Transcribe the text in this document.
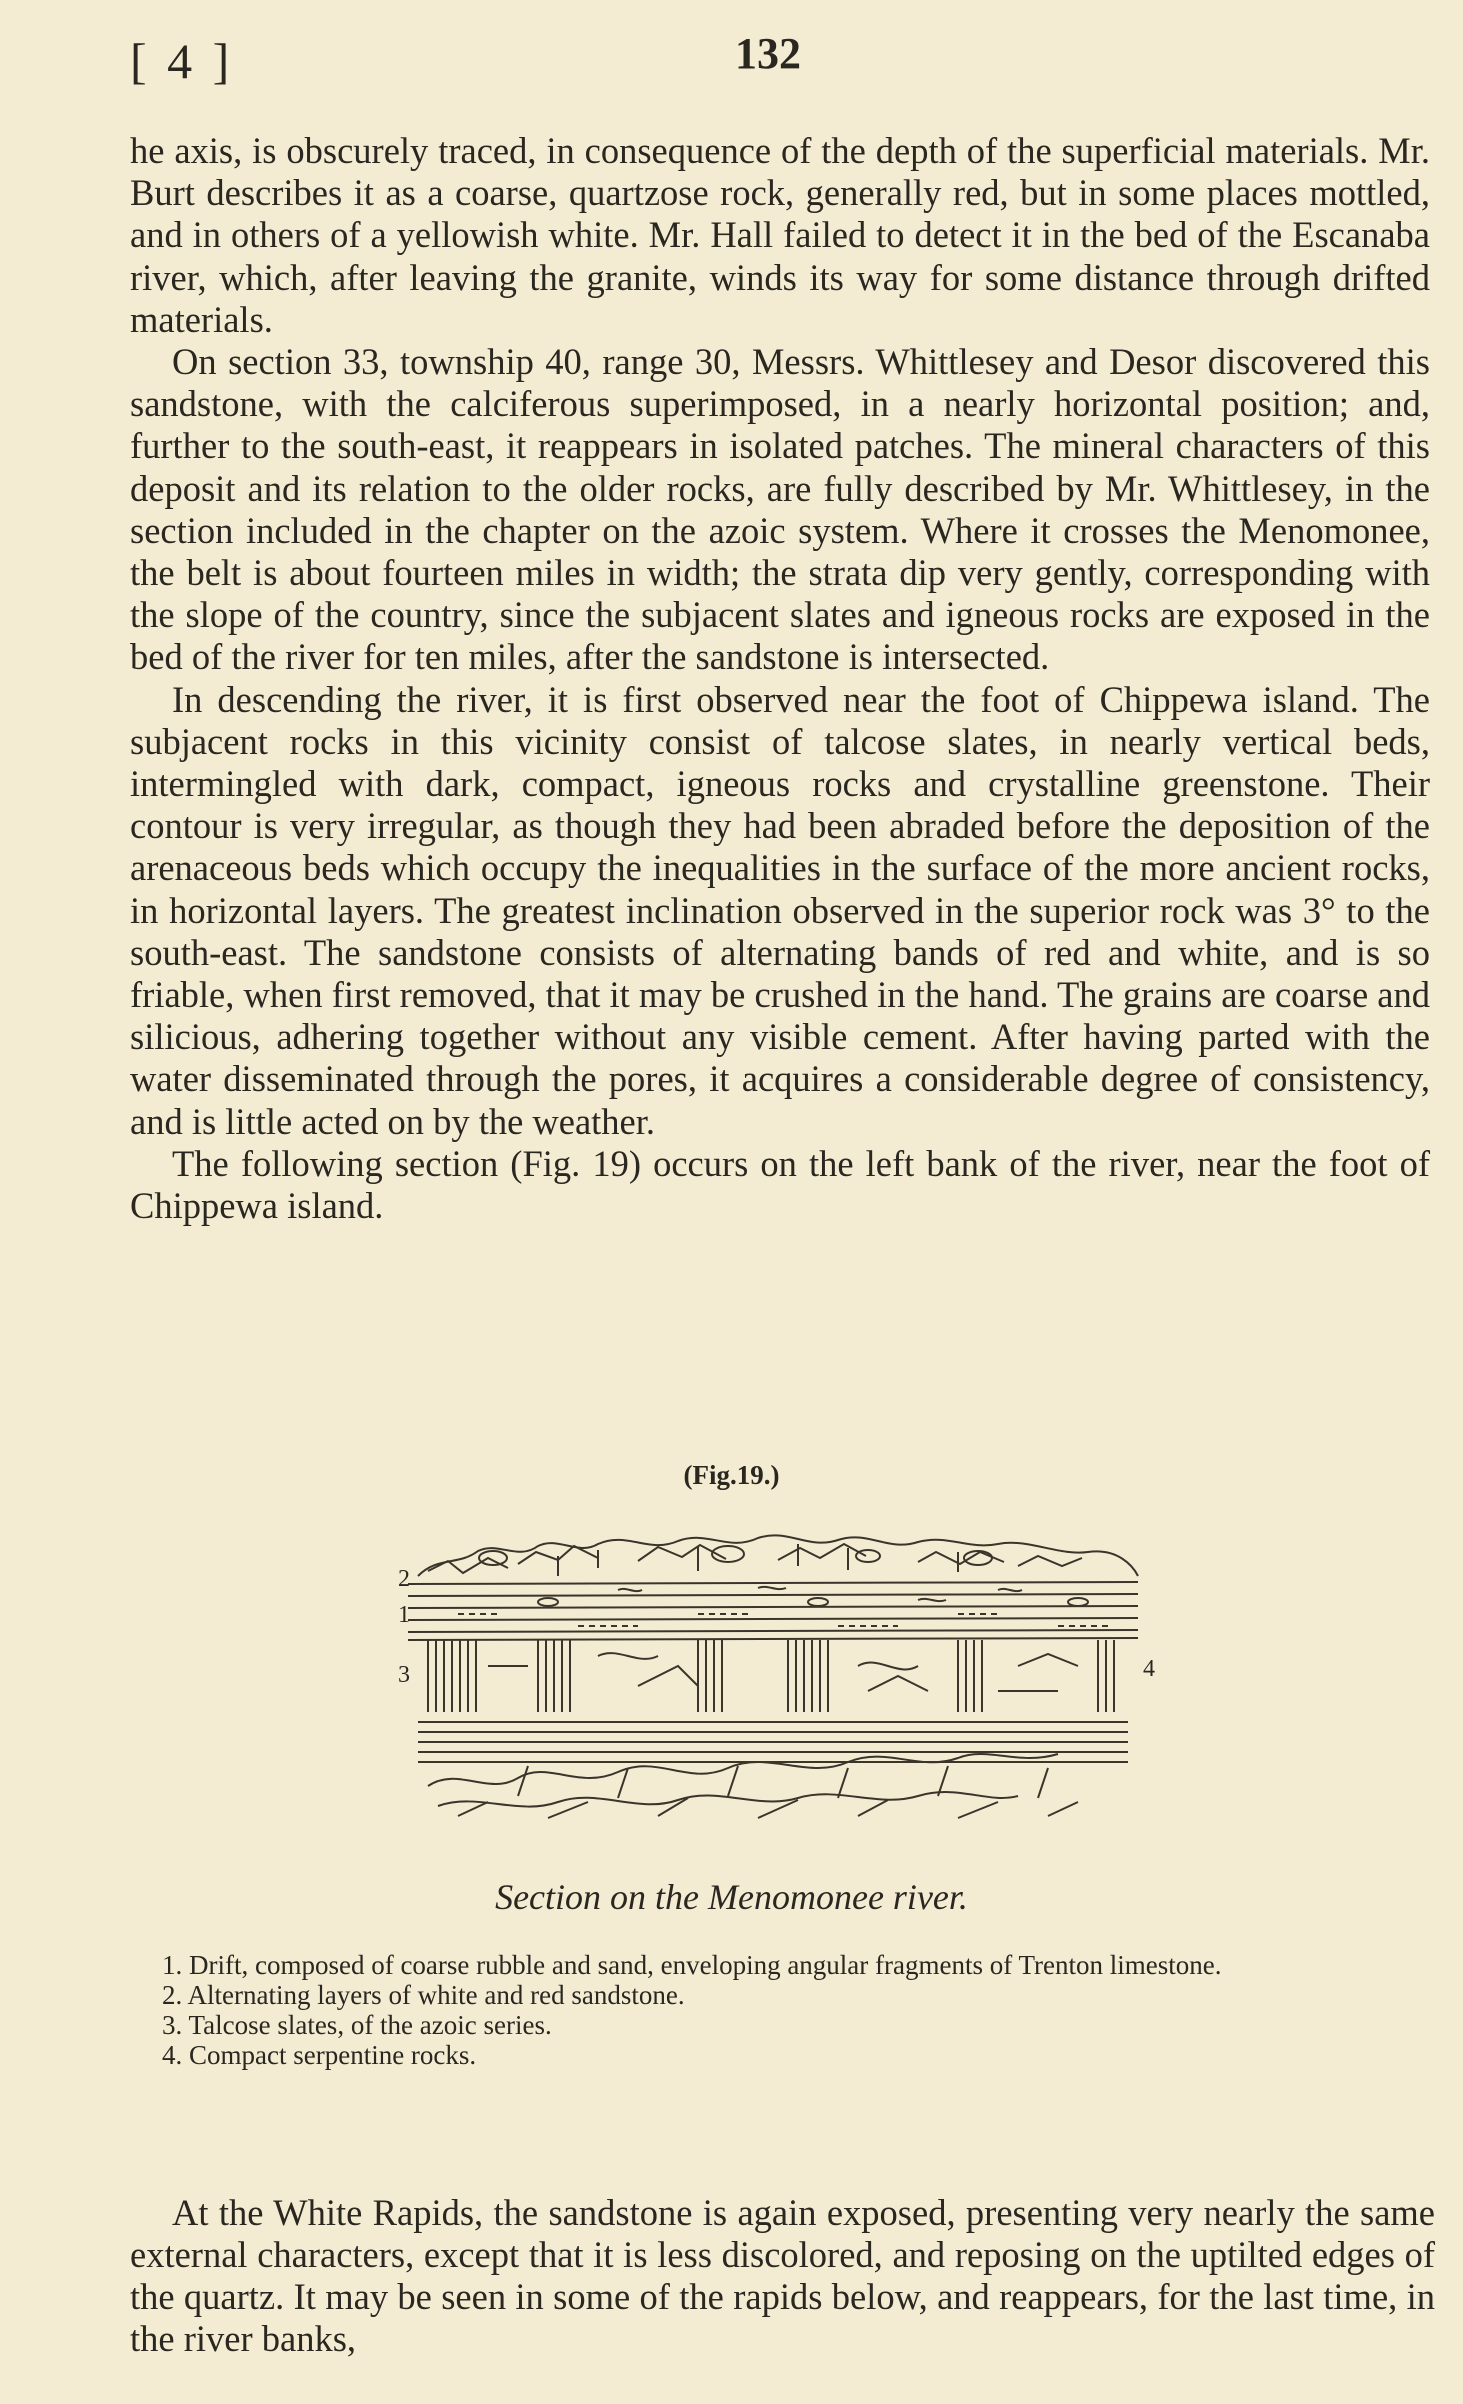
[ 4 ]	132

he axis, is obscurely traced, in consequence of the depth of the superficial materials. Mr. Burt describes it as a coarse, quartzose rock, generally red, but in some places mottled, and in others of a yellowish white. Mr. Hall failed to detect it in the bed of the Escanaba river, which, after leaving the granite, winds its way for some distance through drifted materials.

On section 33, township 40, range 30, Messrs. Whittlesey and Desor discovered this sandstone, with the calciferous superimposed, in a nearly horizontal position; and, further to the south-east, it reappears in isolated patches. The mineral characters of this deposit and its relation to the older rocks, are fully described by Mr. Whittlesey, in the section included in the chapter on the azoic system. Where it crosses the Menomonee, the belt is about fourteen miles in width; the strata dip very gently, corresponding with the slope of the country, since the subjacent slates and igneous rocks are exposed in the bed of the river for ten miles, after the sandstone is intersected.

In descending the river, it is first observed near the foot of Chippewa island. The subjacent rocks in this vicinity consist of talcose slates, in nearly vertical beds, intermingled with dark, compact, igneous rocks and crystalline greenstone. Their contour is very irregular, as though they had been abraded before the deposition of the arenaceous beds which occupy the inequalities in the surface of the more ancient rocks, in horizontal layers. The greatest inclination observed in the superior rock was 3° to the south-east. The sandstone consists of alternating bands of red and white, and is so friable, when first removed, that it may be crushed in the hand. The grains are coarse and silicious, adhering together without any visible cement. After having parted with the water disseminated through the pores, it acquires a considerable degree of consistency, and is little acted on by the weather.

The following section (Fig. 19) occurs on the left bank of the river, near the foot of Chippewa island.

(Fig.19.)
1
2
3	4
Section on the Menomonee river.
1. Drift, composed of coarse rubble and sand, enveloping angular fragments of Trenton limestone.
2. Alternating layers of white and red sandstone.
3. Talcose slates, of the azoic series.
4. Compact serpentine rocks.

At the White Rapids, the sandstone is again exposed, presenting very nearly the same external characters, except that it is less discolored, and reposing on the uptilted edges of the quartz. It may be seen in some of the rapids below, and reappears, for the last time, in the river banks,
